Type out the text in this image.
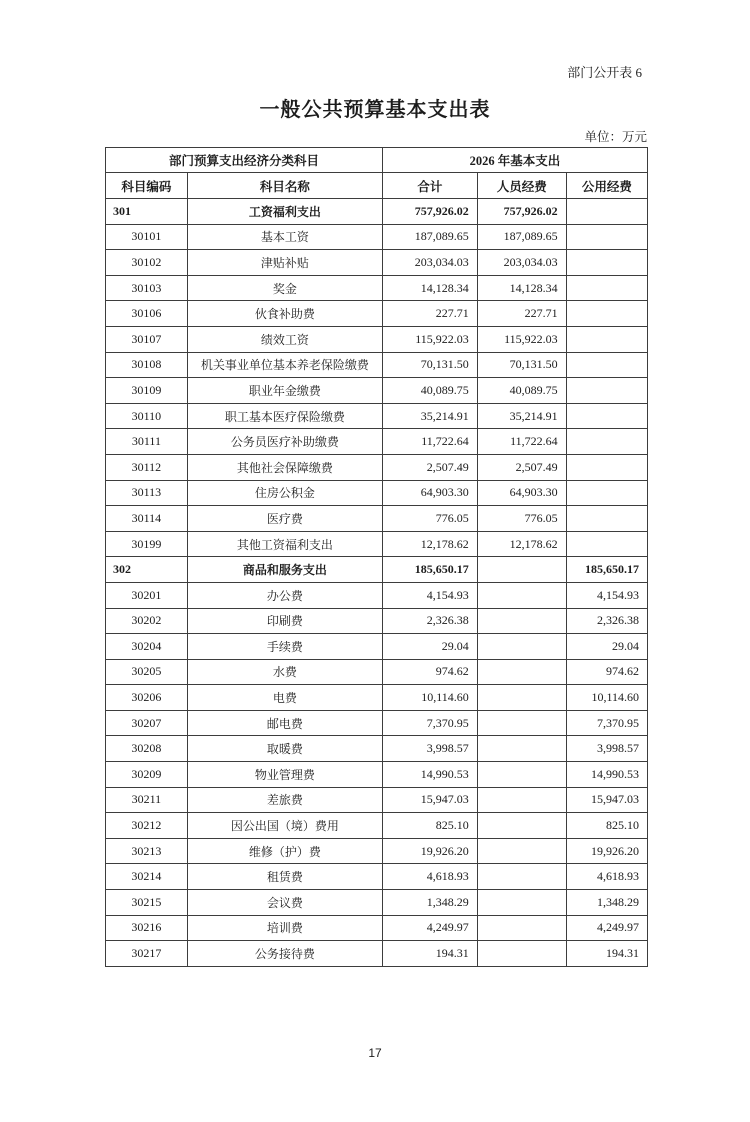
部门公开表 6
一般公共预算基本支出表
单位：万元
部门预算支出经济分类科目		2026 年基本支出		
科目编码	科目名称	合计	人员经费	公用经费
301	工资福利支出	757,926.02	757,926.02	
30101	基本工资	187,089.65	187,089.65	
30102	津贴补贴	203,034.03	203,034.03	
30103	奖金	14,128.34	14,128.34	
30106	伙食补助费	227.71	227.71	
30107	绩效工资	115,922.03	115,922.03	
30108	机关事业单位基本养老保险缴费	70,131.50	70,131.50	
30109	职业年金缴费	40,089.75	40,089.75	
30110	职工基本医疗保险缴费	35,214.91	35,214.91	
30111	公务员医疗补助缴费	11,722.64	11,722.64	
30112	其他社会保障缴费	2,507.49	2,507.49	
30113	住房公积金	64,903.30	64,903.30	
30114	医疗费	776.05	776.05	
30199	其他工资福利支出	12,178.62	12,178.62	
302	商品和服务支出	185,650.17		185,650.17
30201	办公费	4,154.93		4,154.93
30202	印刷费	2,326.38		2,326.38
30204	手续费	29.04		29.04
30205	水费	974.62		974.62
30206	电费	10,114.60		10,114.60
30207	邮电费	7,370.95		7,370.95
30208	取暖费	3,998.57		3,998.57
30209	物业管理费	14,990.53		14,990.53
30211	差旅费	15,947.03		15,947.03
30212	因公出国（境）费用	825.10		825.10
30213	维修（护）费	19,926.20		19,926.20
30214	租赁费	4,618.93		4,618.93
30215	会议费	1,348.29		1,348.29
30216	培训费	4,249.97		4,249.97
30217	公务接待费	194.31		194.31
17
